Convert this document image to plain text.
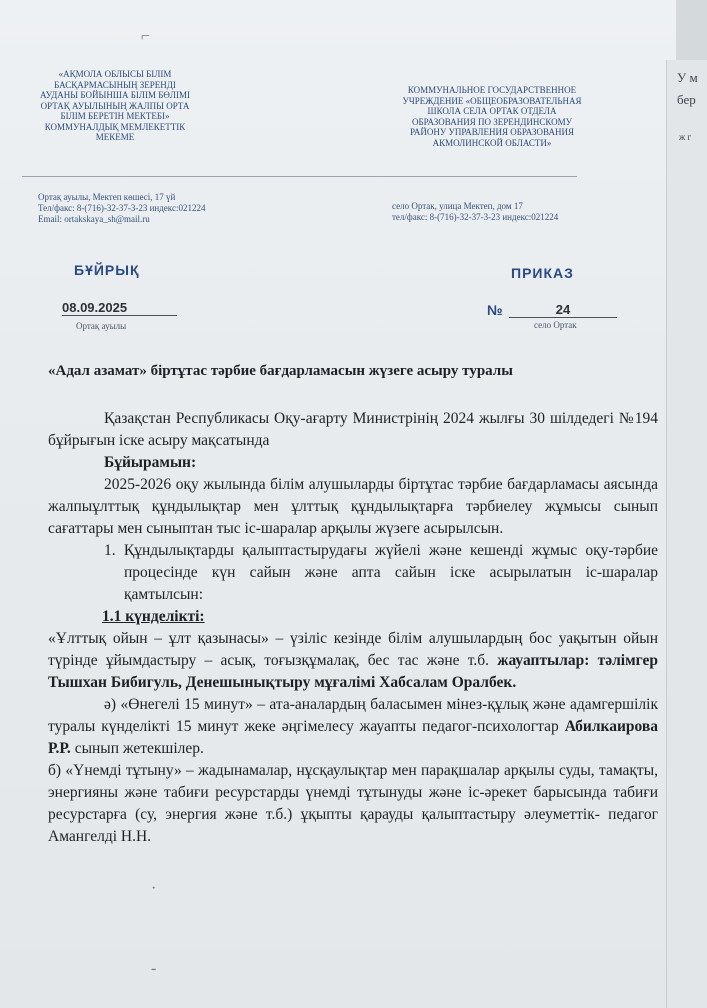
У м
бер
ж г
⌐
·
-
«АҚМОЛА ОБЛЫСЫ БІЛІМ
БАСҚАРМАСЫНЫҢ ЗЕРЕНДІ
АУДАНЫ БОЙЫНША БІЛІМ БӨЛІМІ
ОРТАҚ АУЫЛЫНЫҢ ЖАЛПЫ ОРТА
БІЛІМ БЕРЕТІН МЕКТЕБІ»
КОММУНАЛДЫҚ МЕМЛЕКЕТТІК
МЕКЕМЕ
КОММУНАЛЬНОЕ ГОСУДАРСТВЕННОЕ
УЧРЕЖДЕНИЕ «ОБЩЕОБРАЗОВАТЕЛЬНАЯ
ШКОЛА СЕЛА ОРТАК ОТДЕЛА
ОБРАЗОВАНИЯ ПО ЗЕРЕНДИНСКОМУ
РАЙОНУ УПРАВЛЕНИЯ ОБРАЗОВАНИЯ
АКМОЛИНСКОЙ ОБЛАСТИ»
Ортақ ауылы, Мектеп көшесі, 17 үй
Тел/факс: 8-(716)-32-37-3-23 индекс:021224
Email: ortakskaya_sh@mail.ru
село Ортак, улица Мектеп, дом 17
тел/факс: 8-(716)-32-37-3-23 индекс:021224
БҰЙРЫҚ	ПРИКАЗ
08.09.2025	№	24
Ортақ ауылы	село Ортак
«Адал азамат» біртұтас тәрбие бағдарламасын жүзеге асыру туралы

Қазақстан Республикасы Оқу-ағарту Министрінің 2024 жылғы 30 шілдедегі №194 бұйрығын іске асыру мақсатында

Бұйырамын:

2025-2026 оқу жылында білім алушыларды біртұтас тәрбие бағдарламасы аясында жалпыұлттық құндылықтар мен ұлттық құндылықтарға тәрбиелеу жұмысы сынып сағаттары мен сыныптан тыс іс-шаралар арқылы жүзеге асырылсын.

1. Құндылықтарды қалыптастырудағы жүйелі және кешенді жұмыс оқу-тәрбие процесінде күн сайын және апта сайын іске асырылатын іс-шаралар қамтылсын:

1.1 күнделікті:

«Ұлттық ойын – ұлт қазынасы» – үзіліс кезінде білім алушылардың бос уақытын ойын түрінде ұйымдастыру – асық, тоғызқұмалақ, бес тас және т.б. жауаптылар: тәлімгер Тышхан Бибигуль, Денешынықтыру мұғалімі Хабсалам Оралбек.

ә) «Өнегелі 15 минут» – ата-аналардың баласымен мінез-құлық және адамгершілік туралы күнделікті 15 минут жеке әңгімелесу жауапты педагог-психологтар Абилкаирова Р.Р. сынып жетекшілер.

б) «Үнемді тұтыну» – жадынамалар, нұсқаулықтар мен парақшалар арқылы суды, тамақты, энергияны және табиғи ресурстарды үнемді тұтынуды және іс-әрекет барысында табиғи ресурстарға (су, энергия және т.б.) ұқыпты қарауды қалыптастыру әлеуметтік- педагог Амангелді Н.Н.
